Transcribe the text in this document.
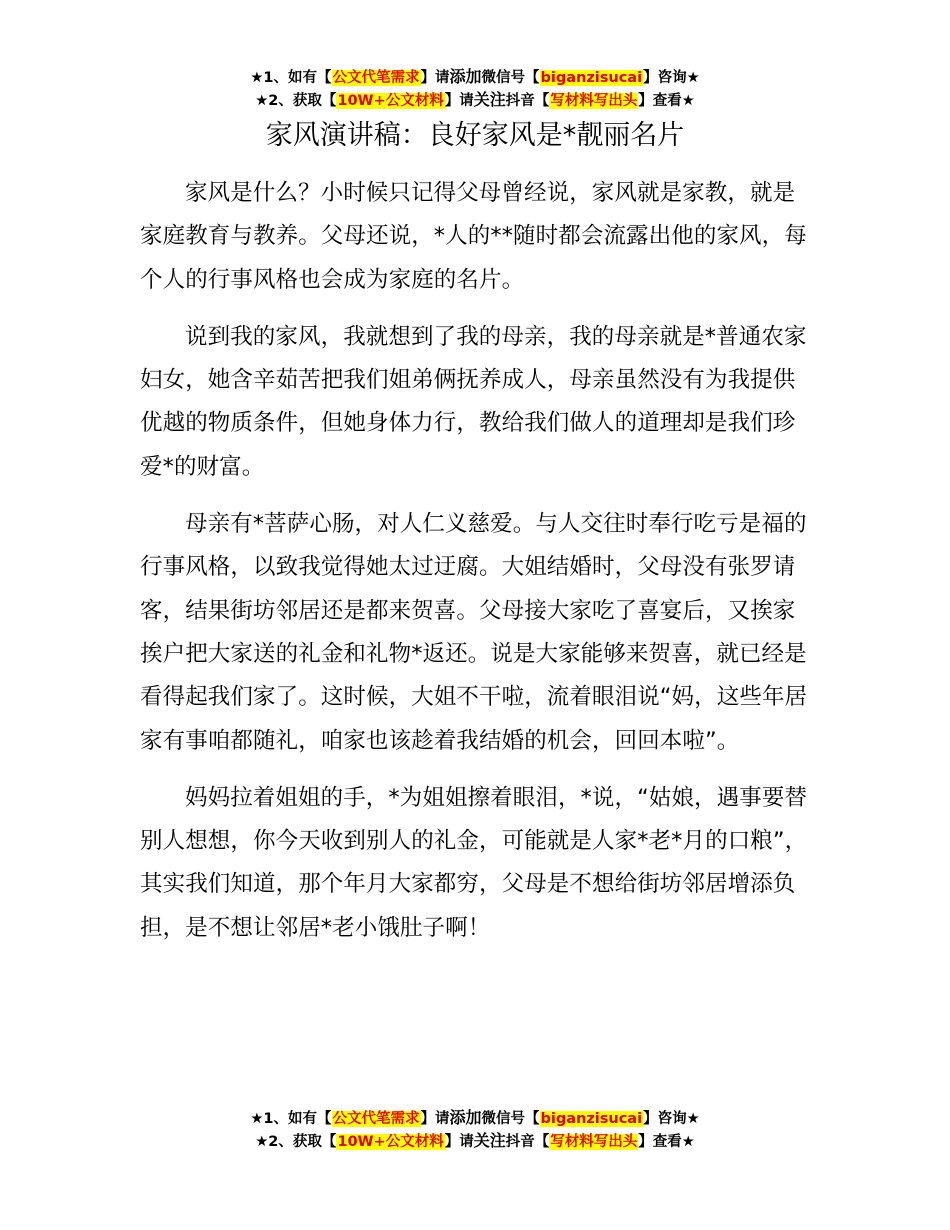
★1、如有【公文代笔需求】请添加微信号【biganzisucai】咨询★
★2、获取【10W+公文材料】请关注抖音【写材料写出头】查看★
家风演讲稿：良好家风是*靓丽名片

家风是什么？小时候只记得父母曾经说，家风就是家教，就是家庭教育与教养。父母还说，*人的**随时都会流露出他的家风，每个人的行事风格也会成为家庭的名片。

说到我的家风，我就想到了我的母亲，我的母亲就是*普通农家妇女，她含辛茹苦把我们姐弟俩抚养成人，母亲虽然没有为我提供优越的物质条件，但她身体力行，教给我们做人的道理却是我们珍爱*的财富。

母亲有*菩萨心肠，对人仁义慈爱。与人交往时奉行吃亏是福的行事风格，以致我觉得她太过迂腐。大姐结婚时，父母没有张罗请客，结果街坊邻居还是都来贺喜。父母接大家吃了喜宴后，又挨家挨户把大家送的礼金和礼物*返还。说是大家能够来贺喜，就已经是看得起我们家了。这时候，大姐不干啦，流着眼泪说“妈，这些年居家有事咱都随礼，咱家也该趁着我结婚的机会，回回本啦”。

妈妈拉着姐姐的手，*为姐姐擦着眼泪，*说，“姑娘，遇事要替别人想想，你今天收到别人的礼金，可能就是人家*老*月的口粮”，其实我们知道，那个年月大家都穷，父母是不想给街坊邻居增添负担，是不想让邻居*老小饿肚子啊！

★1、如有【公文代笔需求】请添加微信号【biganzisucai】咨询★
★2、获取【10W+公文材料】请关注抖音【写材料写出头】查看★
